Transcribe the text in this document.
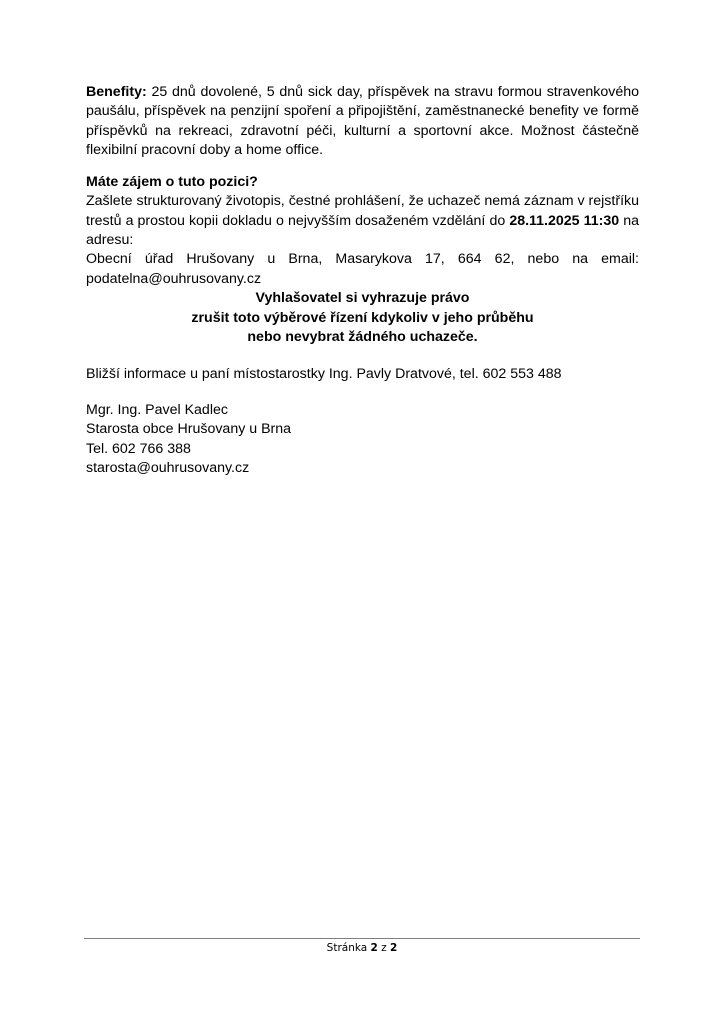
Benefity: 25 dnů dovolené, 5 dnů sick day, příspěvek na stravu formou stravenkového paušálu, příspěvek na penzijní spoření a připojištění, zaměstnanecké benefity ve formě příspěvků na rekreaci, zdravotní péči, kulturní a sportovní akce. Možnost částečně flexibilní pracovní doby a home office.

Máte zájem o tuto pozici?

Zašlete strukturovaný životopis, čestné prohlášení, že uchazeč nemá záznam v rejstříku trestů a prostou kopii dokladu o nejvyšším dosaženém vzdělání do 28.11.2025 11:30 na adresu:

Obecní úřad Hrušovany u Brna, Masarykova 17, 664 62, nebo na email: podatelna@ouhrusovany.cz

Vyhlašovatel si vyhrazuje právo
zrušit toto výběrové řízení kdykoliv v jeho průběhu
nebo nevybrat žádného uchazeče.

Bližší informace u paní místostarostky Ing. Pavly Dratvové, tel. 602 553 488

Mgr. Ing. Pavel Kadlec

Starosta obce Hrušovany u Brna

Tel. 602 766 388

starosta@ouhrusovany.cz

Stránka 2 z 2
